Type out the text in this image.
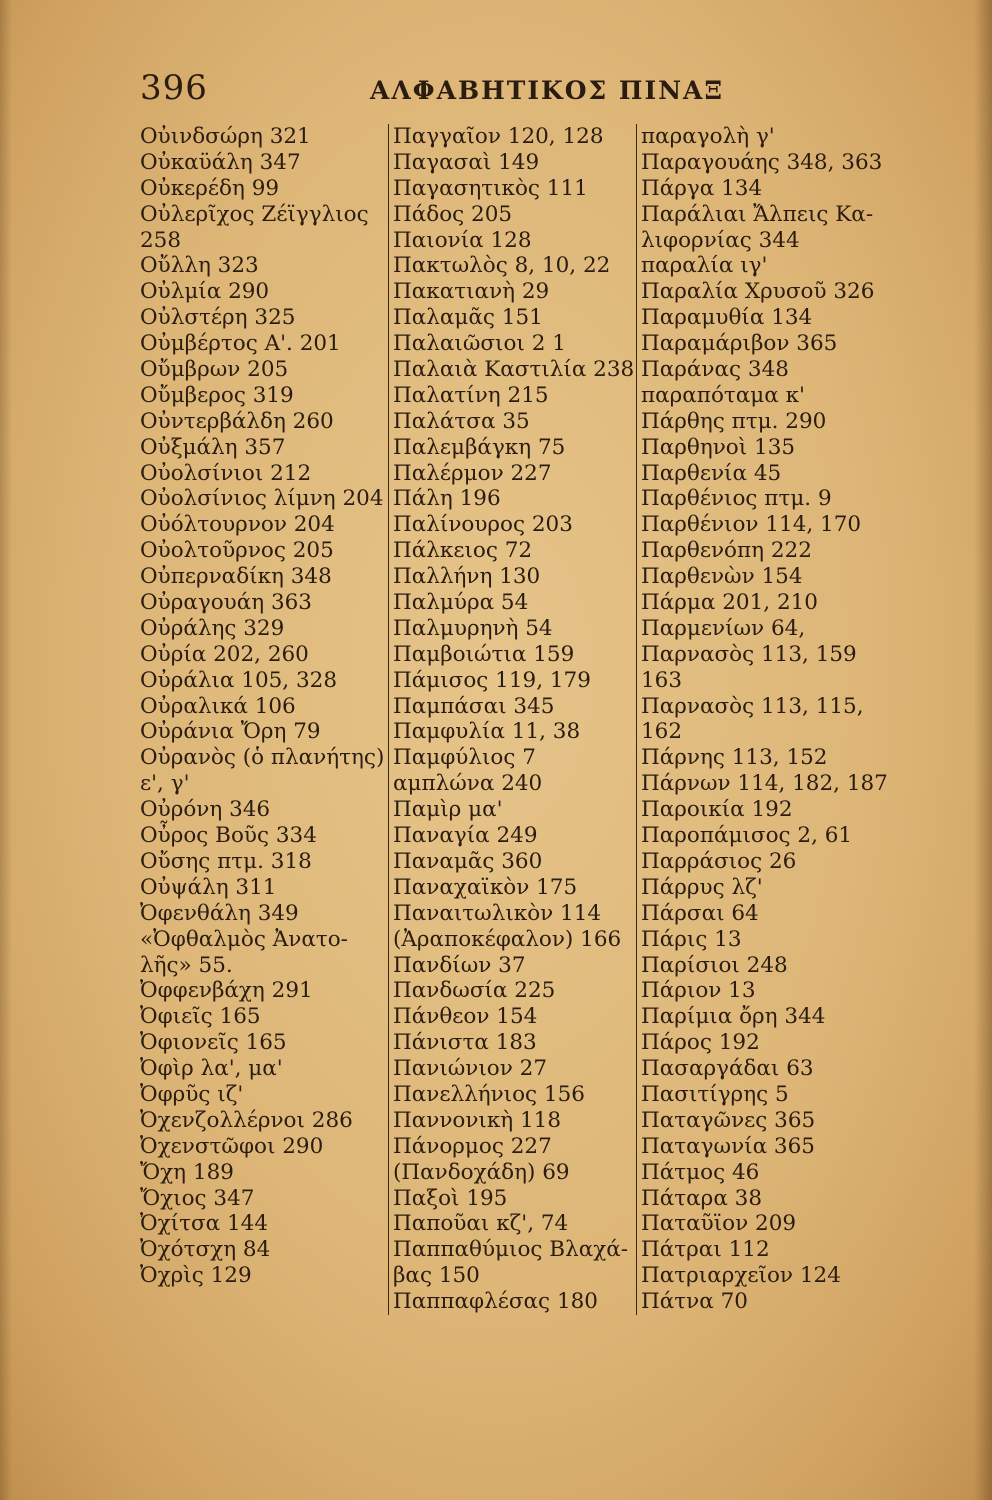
396	ΑΛΦΑΒΗΤΙΚΟΣ ΠΙΝΑΞ
Οὐινδσώρη 321
Οὐκαϋάλη 347
Οὐκερέδη 99
Οὐλερῖχος Ζέϊγγλιος
258
Οὔλλη 323
Οὐλμία 290
Οὐλστέρη 325
Οὐμβέρτος Α'. 201
Οὔμβρων 205
Οὔμβερος 319
Οὐντερβάλδη 260
Οὐξμάλη 357
Οὐολσίνιοι 212
Οὐολσίνιος λίμνη 204
Οὐόλτουρνον 204
Οὐολτοῦρνος 205
Οὐπερναδίκη 348
Οὐραγουάη 363
Οὐράλης 329
Οὐρία 202, 260
Οὐράλια 105, 328
Οὐραλικά 106
Οὐράνια Ὄρη 79
Οὐρανὸς (ὁ πλανήτης)
ε', γ'
Οὐρόνη 346
Οὖρος Βοῦς 334
Οὔσης πτμ. 318
Οὐψάλη 311
Ὀφενθάλη 349
«Ὀφθαλμὸς Ἀνατο-
λῆς» 55.
Ὀφφενβάχη 291
Ὀφιεῖς 165
Ὀφιονεῖς 165
Ὀφὶρ λα', μα'
Ὀφρῦς ιζ'
Ὀχενζολλέρνοι 286
Ὀχενστῶφοι 290
Ὄχη 189
Ὄχιος 347
Ὀχίτσα 144
Ὀχότσχη 84
Ὀχρὶς 129
Παγγαῖον 120, 128
Παγασαὶ 149
Παγασητικὸς 111
Πάδος 205
Παιονία 128
Πακτωλὸς 8, 10, 22
Πακατιανὴ 29
Παλαμᾶς 151
Παλαιῶσιοι 2 1
Παλαιὰ Καστιλία 238
Παλατίνη 215
Παλάτσα 35
Παλεμβάγκη 75
Παλέρμον 227
Πάλη 196
Παλίνουρος 203
Πάλκειος 72
Παλλήνη 130
Παλμύρα 54
Παλμυρηνὴ 54
Παμβοιώτια 159
Πάμισος 119, 179
Παμπάσαι 345
Παμφυλία 11, 38
Παμφύλιος 7
αμπλώνα 240
Παμὶρ μα'
Παναγία 249
Παναμᾶς 360
Παναχαϊκὸν 175
Παναιτωλικὸν 114
(Ἀραποκέφαλον) 166
Πανδίων 37
Πανδωσία 225
Πάνθεον 154
Πάνιστα 183
Πανιώνιον 27
Πανελλήνιος 156
Παννονικὴ 118
Πάνορμος 227
(Πανδοχάδη) 69
Παξοὶ 195
Παποῦαι κζ', 74
Παππαθύμιος Βλαχά-
βας 150
Παππαφλέσας 180
παραγολὴ γ'
Παραγουάης 348, 363
Πάργα 134
Παράλιαι Ἄλπεις Κα-
λιφορνίας 344
παραλία ιγ'
Παραλία Χρυσοῦ 326
Παραμυθία 134
Παραμάριβον 365
Παράνας 348
παραπόταμα κ'
Πάρθης πτμ. 290
Παρθηνοὶ 135
Παρθενία 45
Παρθένιος πτμ. 9
Παρθένιον 114, 170
Παρθενόπη 222
Παρθενὼν 154
Πάρμα 201, 210
Παρμενίων 64,
Παρνασὸς 113, 159
163
Παρνασὸς 113, 115,
162
Πάρνης 113, 152
Πάρνων 114, 182, 187
Παροικία 192
Παροπάμισος 2, 61
Παρράσιος 26
Πάρρυς λζ'
Πάρσαι 64
Πάρις 13
Παρίσιοι 248
Πάριον 13
Παρίμια ὄρη 344
Πάρος 192
Πασαργάδαι 63
Πασιτίγρης 5
Παταγῶνες 365
Παταγωνία 365
Πάτμος 46
Πάταρα 38
Παταῦϊον 209
Πάτραι 112
Πατριαρχεῖον 124
Πάτνα 70
